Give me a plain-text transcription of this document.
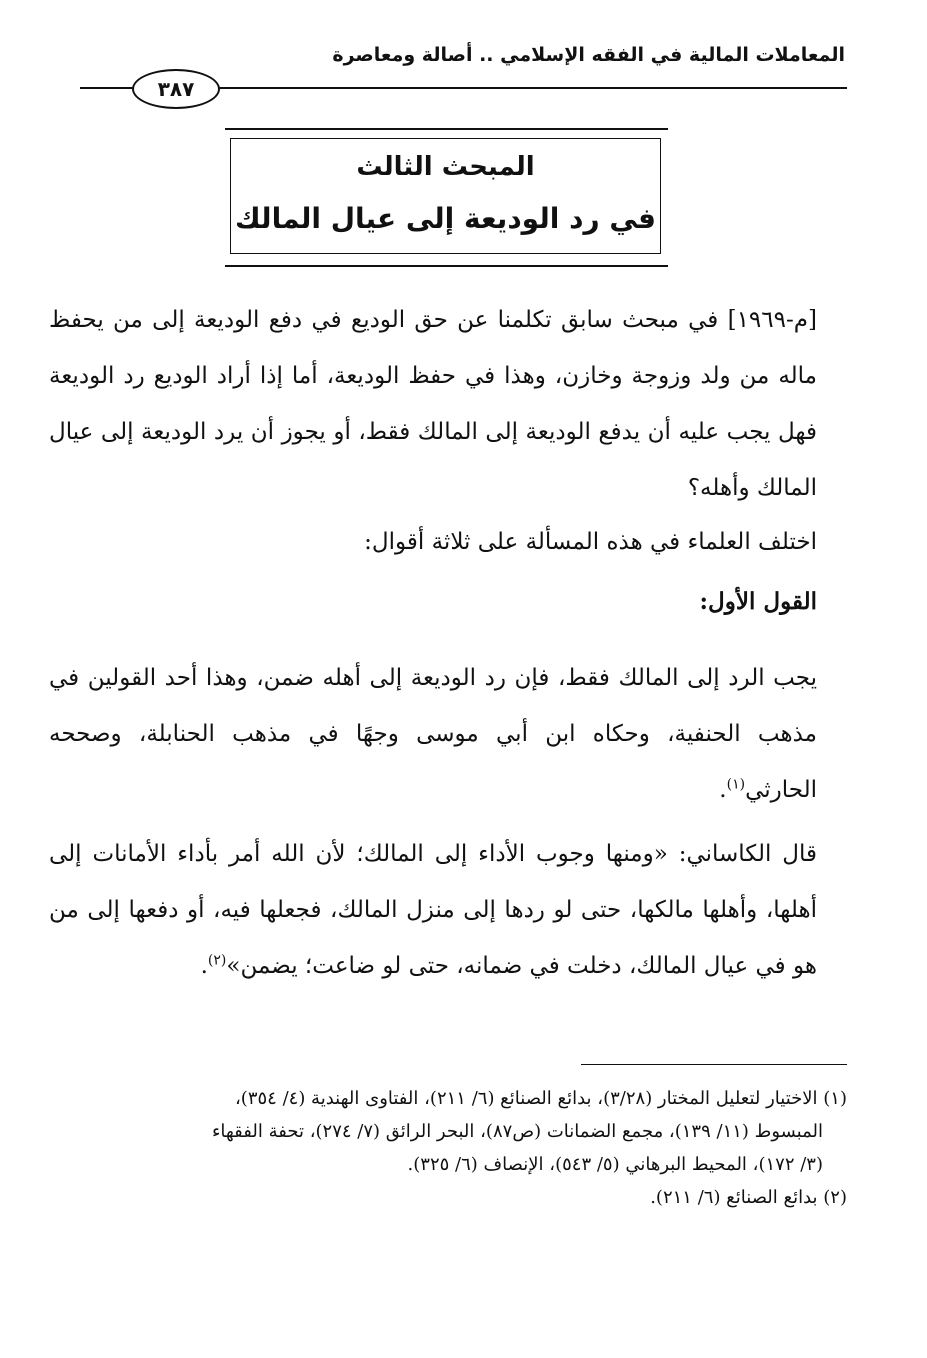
المعاملات المالية في الفقه الإسلامي .. أصالة ومعاصرة
٣٨٧
المبحث الثالث
في رد الوديعة إلى عيال المالك
[م-١٩٦٩] في مبحث سابق تكلمنا عن حق الوديع في دفع الوديعة إلى من يحفظ ماله من ولد وزوجة وخازن، وهذا في حفظ الوديعة، أما إذا أراد الوديع رد الوديعة فهل يجب عليه أن يدفع الوديعة إلى المالك فقط، أو يجوز أن يرد الوديعة إلى عيال المالك وأهله؟
اختلف العلماء في هذه المسألة على ثلاثة أقوال:
القول الأول:
يجب الرد إلى المالك فقط، فإن رد الوديعة إلى أهله ضمن، وهذا أحد القولين في مذهب الحنفية، وحكاه ابن أبي موسى وجهًا في مذهب الحنابلة، وصححه الحارثي$^{(١)}$.
قال الكاساني: «ومنها وجوب الأداء إلى المالك؛ لأن الله أمر بأداء الأمانات إلى أهلها، وأهلها مالكها، حتى لو ردها إلى منزل المالك، فجعلها فيه، أو دفعها إلى من هو في عيال المالك، دخلت في ضمانه، حتى لو ضاعت؛ يضمن»$^{(٢)}$.
(١) الاختيار لتعليل المختار (٣/٢٨)، بدائع الصنائع (٦/ ٢١١)، الفتاوى الهندية (٤/ ٣٥٤)،
المبسوط (١١/ ١٣٩)، مجمع الضمانات (ص٨٧)، البحر الرائق (٧/ ٢٧٤)، تحفة الفقهاء
(٣/ ١٧٢)، المحيط البرهاني (٥/ ٥٤٣)، الإنصاف (٦/ ٣٢٥).
(٢) بدائع الصنائع (٦/ ٢١١).
